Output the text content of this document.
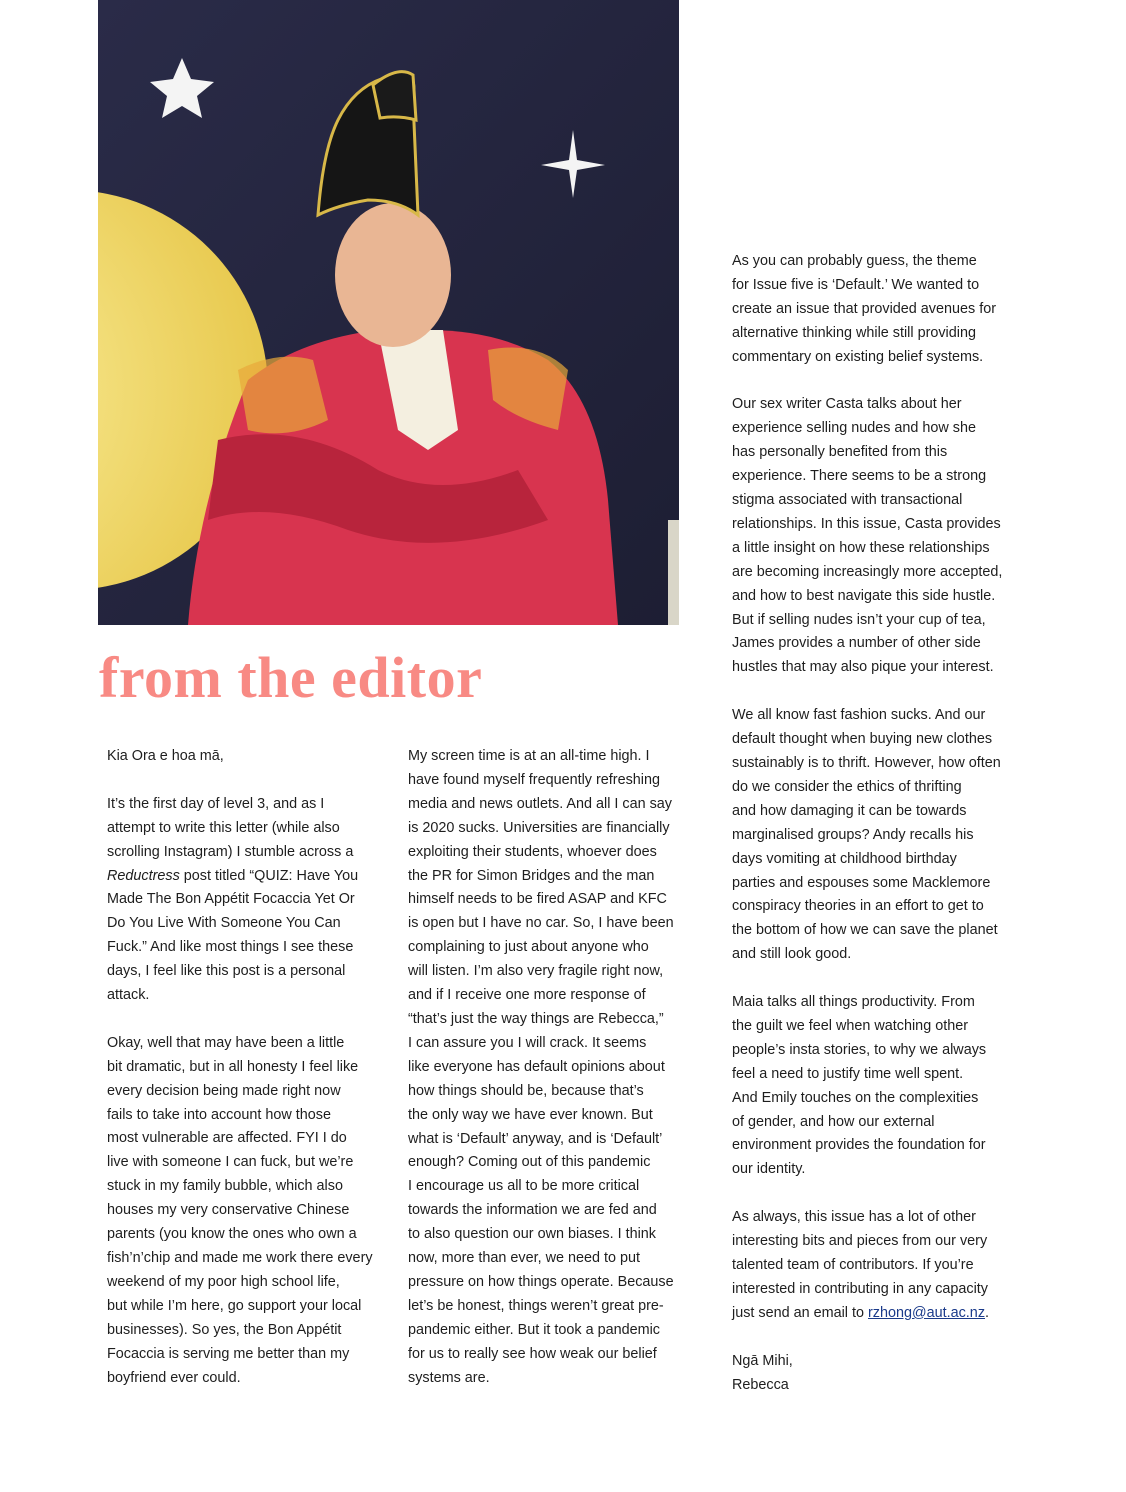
from the editor
Kia Ora e hoa mā,
It’s the first day of level 3, and as I
attempt to write this letter (while also
scrolling Instagram) I stumble across a
Reductress post titled “QUIZ: Have You
Made The Bon Appétit Focaccia Yet Or
Do You Live With Someone You Can
Fuck.” And like most things I see these
days, I feel like this post is a personal
attack.
Okay, well that may have been a little
bit dramatic, but in all honesty I feel like
every decision being made right now
fails to take into account how those
most vulnerable are affected. FYI I do
live with someone I can fuck, but we’re
stuck in my family bubble, which also
houses my very conservative Chinese
parents (you know the ones who own a
fish’n’chip and made me work there every
weekend of my poor high school life,
but while I’m here, go support your local
businesses). So yes, the Bon Appétit
Focaccia is serving me better than my
boyfriend ever could.
My screen time is at an all-time high. I
have found myself frequently refreshing
media and news outlets. And all I can say
is 2020 sucks. Universities are financially
exploiting their students, whoever does
the PR for Simon Bridges and the man
himself needs to be fired ASAP and KFC
is open but I have no car. So, I have been
complaining to just about anyone who
will listen. I’m also very fragile right now,
and if I receive one more response of
“that’s just the way things are Rebecca,”
I can assure you I will crack. It seems
like everyone has default opinions about
how things should be, because that’s
the only way we have ever known. But
what is ‘Default’ anyway, and is ‘Default’
enough? Coming out of this pandemic
I encourage us all to be more critical
towards the information we are fed and
to also question our own biases. I think
now, more than ever, we need to put
pressure on how things operate. Because
let’s be honest, things weren’t great pre-
pandemic either. But it took a pandemic
for us to really see how weak our belief
systems are.
As you can probably guess, the theme
for Issue five is ‘Default.’ We wanted to
create an issue that provided avenues for
alternative thinking while still providing
commentary on existing belief systems.
Our sex writer Casta talks about her
experience selling nudes and how she
has personally benefited from this
experience. There seems to be a strong
stigma associated with transactional
relationships. In this issue, Casta provides
a little insight on how these relationships
are becoming increasingly more accepted,
and how to best navigate this side hustle.
But if selling nudes isn’t your cup of tea,
James provides a number of other side
hustles that may also pique your interest.
We all know fast fashion sucks. And our
default thought when buying new clothes
sustainably is to thrift. However, how often
do we consider the ethics of thrifting
and how damaging it can be towards
marginalised groups? Andy recalls his
days vomiting at childhood birthday
parties and espouses some Macklemore
conspiracy theories in an effort to get to
the bottom of how we can save the planet
and still look good.
Maia talks all things productivity. From
the guilt we feel when watching other
people’s insta stories, to why we always
feel a need to justify time well spent.
And Emily touches on the complexities
of gender, and how our external
environment provides the foundation for
our identity.
As always, this issue has a lot of other
interesting bits and pieces from our very
talented team of contributors. If you’re
interested in contributing in any capacity
just send an email to rzhong@aut.ac.nz.
Ngā Mihi,
Rebecca
